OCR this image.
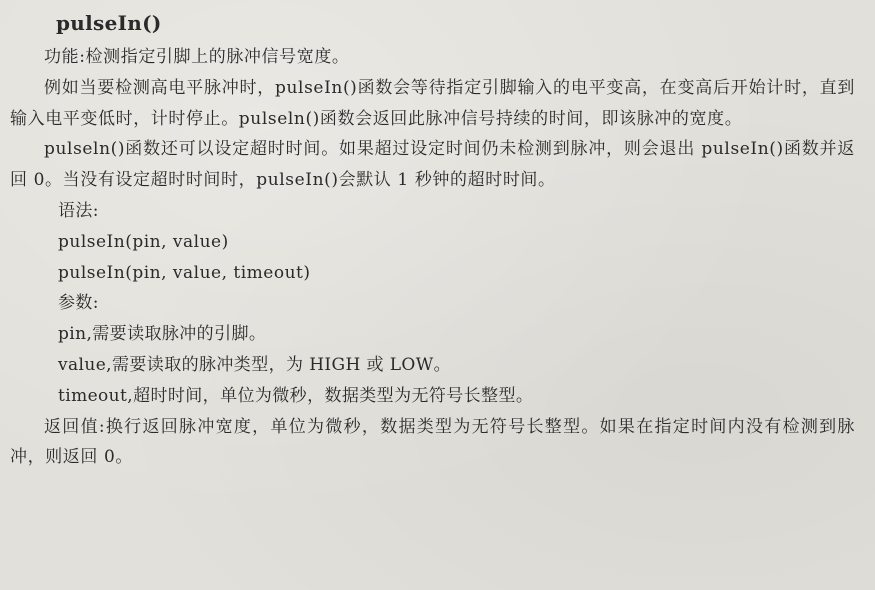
pulseIn()

功能:检测指定引脚上的脉冲信号宽度。

例如当要检测高电平脉冲时，pulseIn()函数会等待指定引脚输入的电平变高，在变高后开始计时，直到输入电平变低时，计时停止。pulseln()函数会返回此脉冲信号持续的时间，即该脉冲的宽度。

pulseln()函数还可以设定超时时间。如果超过设定时间仍未检测到脉冲，则会退出 pulseIn()函数并返回 0。当没有设定超时时间时，pulseIn()会默认 1 秒钟的超时时间。

语法:
pulseIn(pin, value)
pulseIn(pin, value, timeout)
参数:
pin,需要读取脉冲的引脚。
value,需要读取的脉冲类型，为 HIGH 或 LOW。
timeout,超时时间，单位为微秒，数据类型为无符号长整型。

返回值:换行返回脉冲宽度，单位为微秒，数据类型为无符号长整型。如果在指定时间内没有检测到脉冲，则返回 0。
